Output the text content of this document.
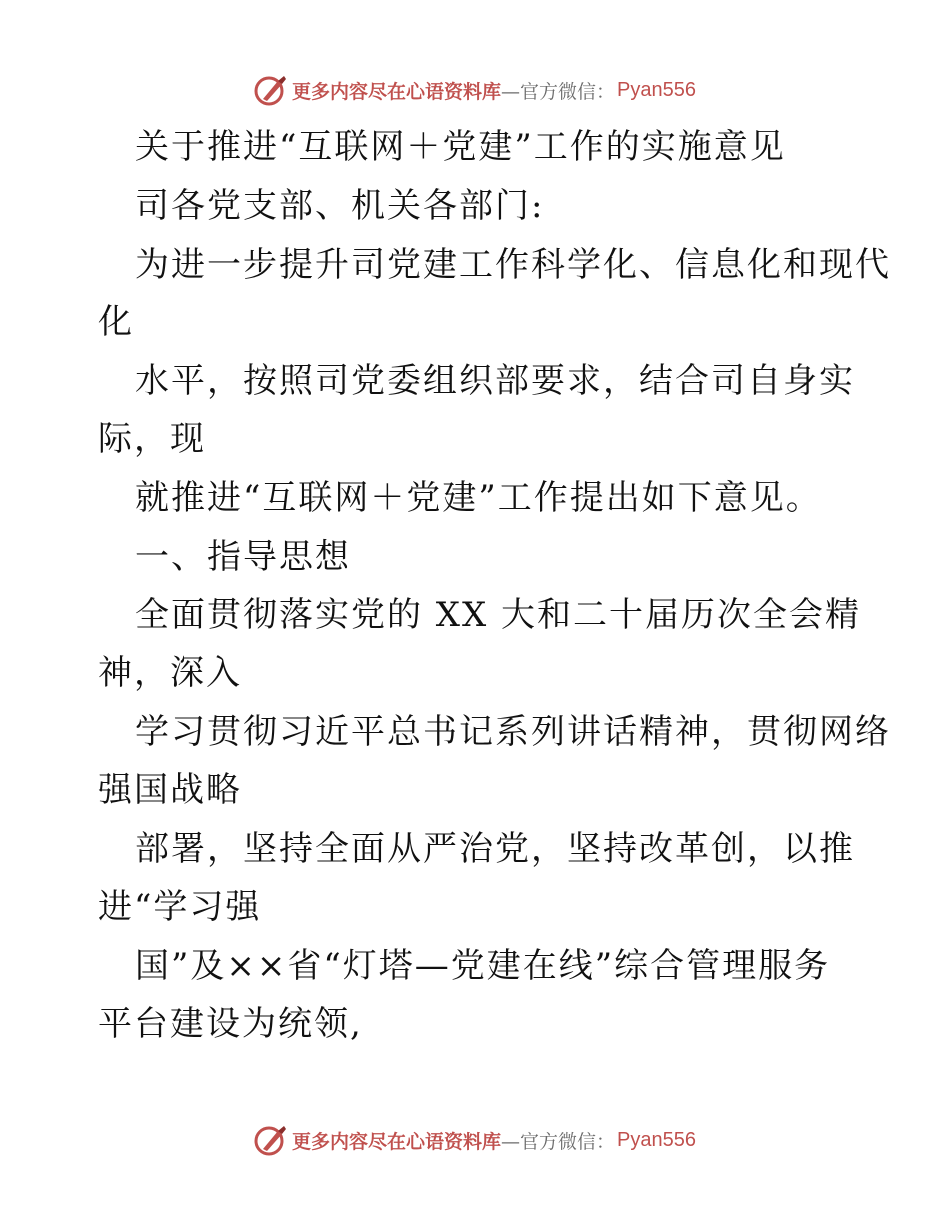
更多内容尽在心语资料库 —官方微信： Pyan556
关于推进“互联网＋党建”工作的实施意见
司各党支部、机关各部门:
为进一步提升司党建工作科学化、信息化和现代
化
水平，按照司党委组织部要求，结合司自身实
际，现
就推进“互联网＋党建”工作提出如下意见。
一、指导思想
全面贯彻落实党的 XX 大和二十届历次全会精
神，深入
学习贯彻习近平总书记系列讲话精神，贯彻网络
强国战略
部署，坚持全面从严治党，坚持改革创，以推
进“学习强
国”及××省“灯塔—党建在线”综合管理服务
平台建设为统领,
更多内容尽在心语资料库 —官方微信： Pyan556
